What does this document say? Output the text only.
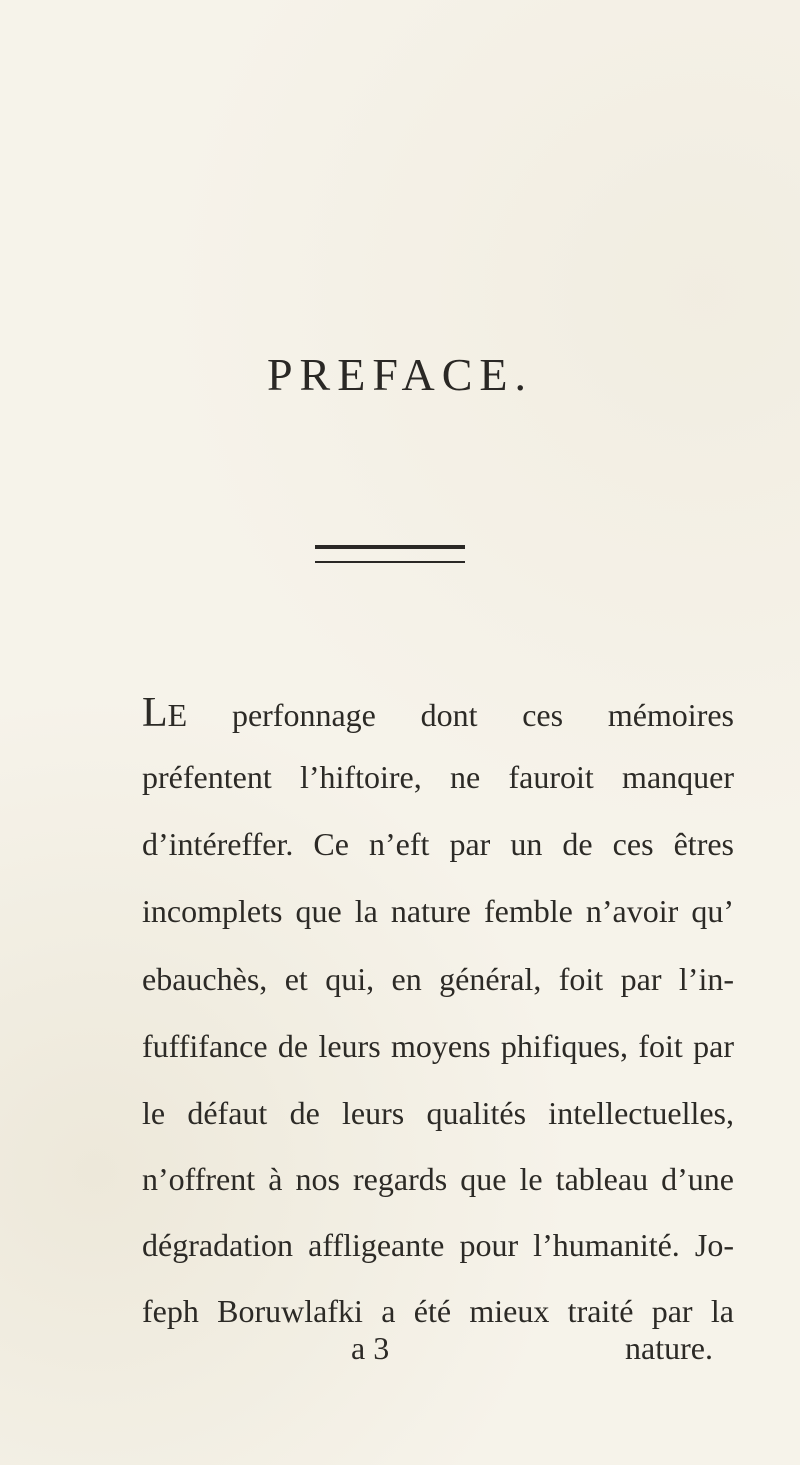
PREFACE.
LE perfonnage dont ces mémoires
préfentent l’hiftoire, ne fauroit manquer
d’intéreffer. Ce n’eft par un de ces êtres
incomplets que la nature femble n’avoir qu’
ebauchès, et qui, en général, foit par l’in-
fuffifance de leurs moyens phifiques, foit par
le défaut de leurs qualités intellectuelles,
n’offrent à nos regards que le tableau d’une
dégradation affligeante pour l’humanité. Jo-
feph Boruwlafki a été mieux traité par la
a 3	nature.
